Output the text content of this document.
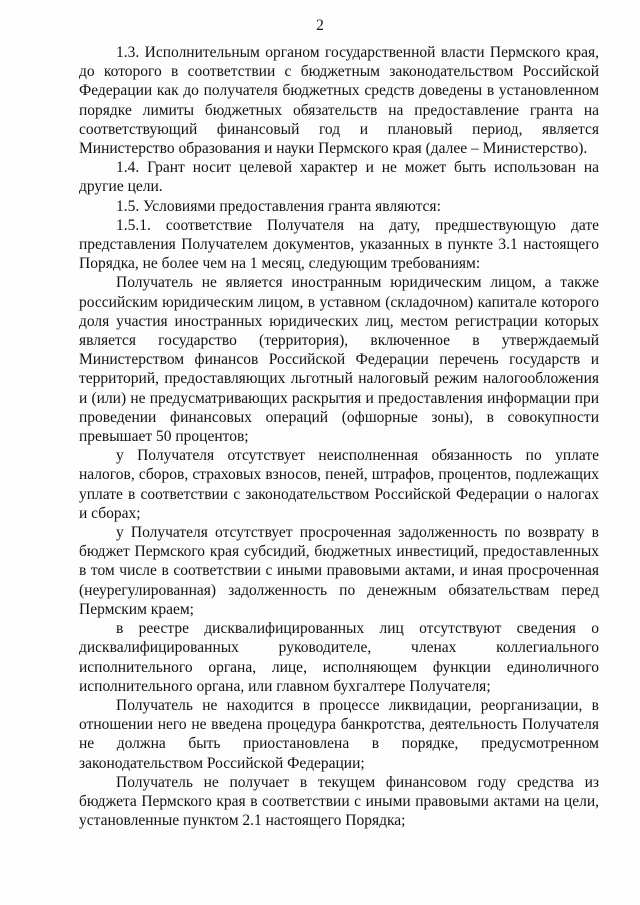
2

1.3. Исполнительным органом государственной власти Пермского края, до которого в соответствии с бюджетным законодательством Российской Федерации как до получателя бюджетных средств доведены в установленном порядке лимиты бюджетных обязательств на предоставление гранта на соответствующий финансовый год и плановый период, является Министерство образования и науки Пермского края (далее – Министерство).

1.4. Грант носит целевой характер и не может быть использован на другие цели.

1.5. Условиями предоставления гранта являются:

1.5.1. соответствие Получателя на дату, предшествующую дате представления Получателем документов, указанных в пункте 3.1 настоящего Порядка, не более чем на 1 месяц, следующим требованиям:

Получатель не является иностранным юридическим лицом, а также российским юридическим лицом, в уставном (складочном) капитале которого доля участия иностранных юридических лиц, местом регистрации которых является государство (территория), включенное в утверждаемый Министерством финансов Российской Федерации перечень государств и территорий, предоставляющих льготный налоговый режим налогообложения и (или) не предусматривающих раскрытия и предоставления информации при проведении финансовых операций (офшорные зоны), в совокупности превышает 50 процентов;

у Получателя отсутствует неисполненная обязанность по уплате налогов, сборов, страховых взносов, пеней, штрафов, процентов, подлежащих уплате в соответствии с законодательством Российской Федерации о налогах и сборах;

у Получателя отсутствует просроченная задолженность по возврату в бюджет Пермского края субсидий, бюджетных инвестиций, предоставленных в том числе в соответствии с иными правовыми актами, и иная просроченная (неурегулированная) задолженность по денежным обязательствам перед Пермским краем;

в реестре дисквалифицированных лиц отсутствуют сведения о дисквалифицированных руководителе, членах коллегиального исполнительного органа, лице, исполняющем функции единоличного исполнительного органа, или главном бухгалтере Получателя;

Получатель не находится в процессе ликвидации, реорганизации, в отношении него не введена процедура банкротства, деятельность Получателя не должна быть приостановлена в порядке, предусмотренном законодательством Российской Федерации;

Получатель не получает в текущем финансовом году средства из бюджета Пермского края в соответствии с иными правовыми актами на цели, установленные пунктом 2.1 настоящего Порядка;
